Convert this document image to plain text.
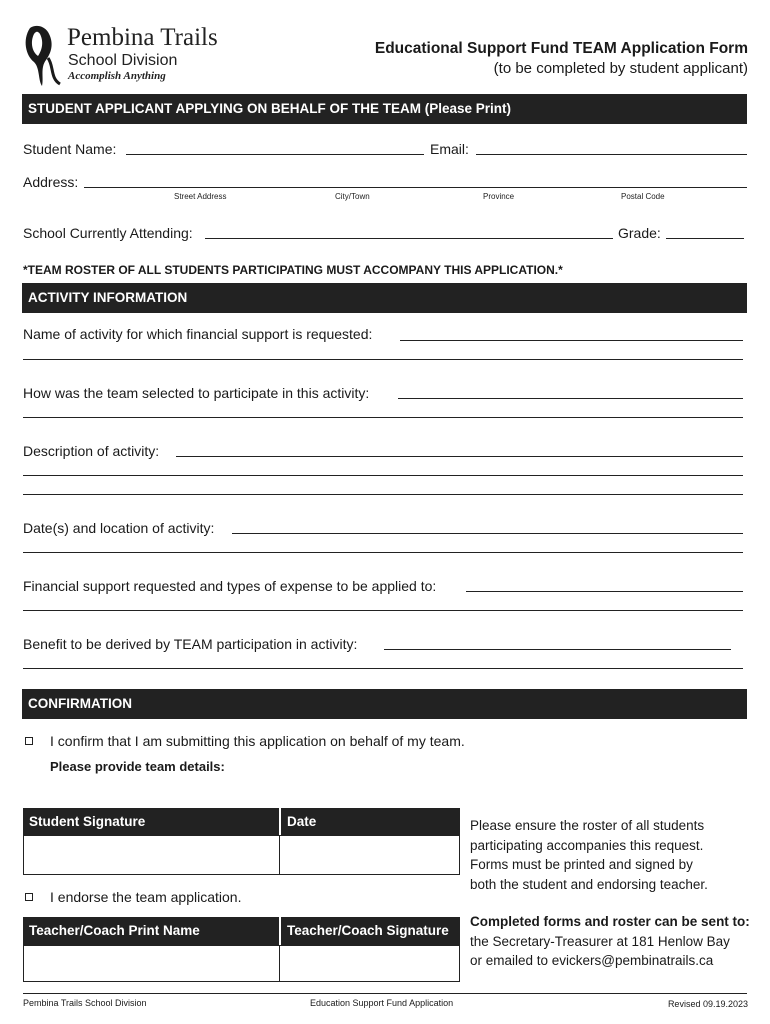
Pembina Trails
School Division
Accomplish Anything
Educational Support Fund TEAM Application Form
(to be completed by student applicant)
STUDENT APPLICANT APPLYING ON BEHALF OF THE TEAM (Please Print)
Student Name:	Email:
Address:
Street Address	City/Town	Province	Postal Code
School Currently Attending:	Grade:
*TEAM ROSTER OF ALL STUDENTS PARTICIPATING MUST ACCOMPANY THIS APPLICATION.*
ACTIVITY INFORMATION
Name of activity for which financial support is requested:
How was the team selected to participate in this activity:
Description of activity:
Date(s) and location of activity:
Financial support requested and types of expense to be applied to:
Benefit to be derived by TEAM participation in activity:
CONFIRMATION
I confirm that I am submitting this application on behalf of my team.
Please provide team details:
Student Signature	Date
I endorse the team application.
Teacher/Coach Print Name	Teacher/Coach Signature
Please ensure the roster of all students
participating accompanies this request.
Forms must be printed and signed by
both the student and endorsing teacher.
Completed forms and roster can be sent to:
the Secretary-Treasurer at 181 Henlow Bay
or emailed to evickers@pembinatrails.ca
Pembina Trails School Division	Education Support Fund Application	Revised 09.19.2023
